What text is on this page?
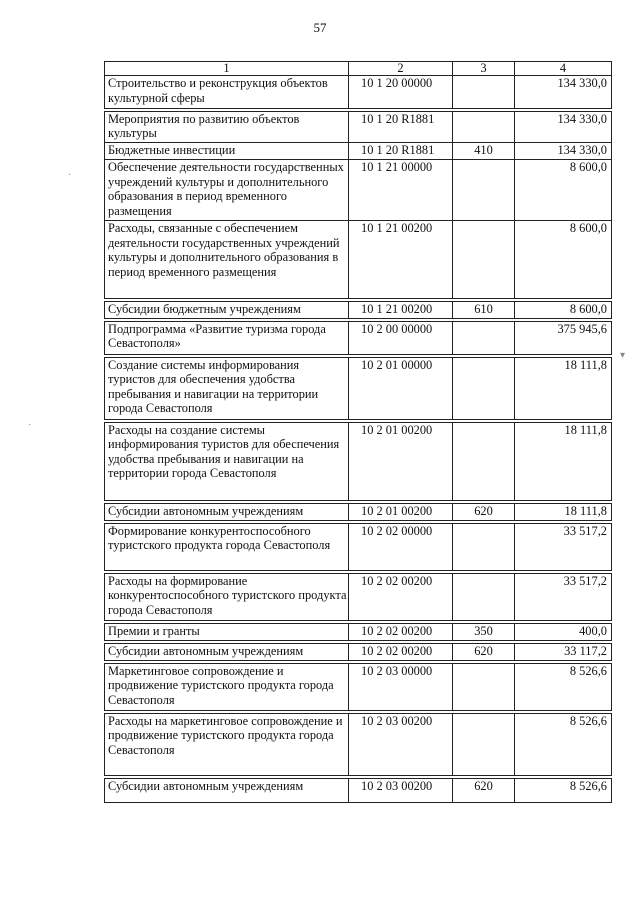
57
1	2	3	4
Строительство и реконструкция объектов культурной сферы	10 1 20 00000		134 330,0
Мероприятия по развитию объектов культуры	10 1 20 R1881		134 330,0
Бюджетные инвестиции	10 1 20 R1881	410	134 330,0
Обеспечение деятельности государственных учреждений культуры и дополнительного образования в период временного размещения	10 1 21 00000		8 600,0
Расходы, связанные с обеспечением деятельности государственных учреждений культуры и дополнительного образования в период временного размещения	10 1 21 00200		8 600,0
Субсидии бюджетным учреждениям	10 1 21 00200	610	8 600,0
Подпрограмма «Развитие туризма города Севастополя»	10 2 00 00000		375 945,6
Создание системы информирования туристов для обеспечения удобства пребывания и навигации на территории города Севастополя	10 2 01 00000		18 111,8
Расходы на создание системы информирования туристов для обеспечения удобства пребывания и навигации на территории города Севастополя	10 2 01 00200		18 111,8
Субсидии автономным учреждениям	10 2 01 00200	620	18 111,8
Формирование конкурентоспособного туристского продукта города Севастополя	10 2 02 00000		33 517,2
Расходы на формирование конкурентоспособного туристского продукта города Севастополя	10 2 02 00200		33 517,2
Премии и гранты	10 2 02 00200	350	400,0
Субсидии автономным учреждениям	10 2 02 00200	620	33 117,2
Маркетинговое сопровождение и продвижение туристского продукта города Севастополя	10 2 03 00000		8 526,6
Расходы на маркетинговое сопровождение и продвижение туристского продукта города Севастополя	10 2 03 00200		8 526,6
Субсидии автономным учреждениям	10 2 03 00200	620	8 526,6
·
▾
·
